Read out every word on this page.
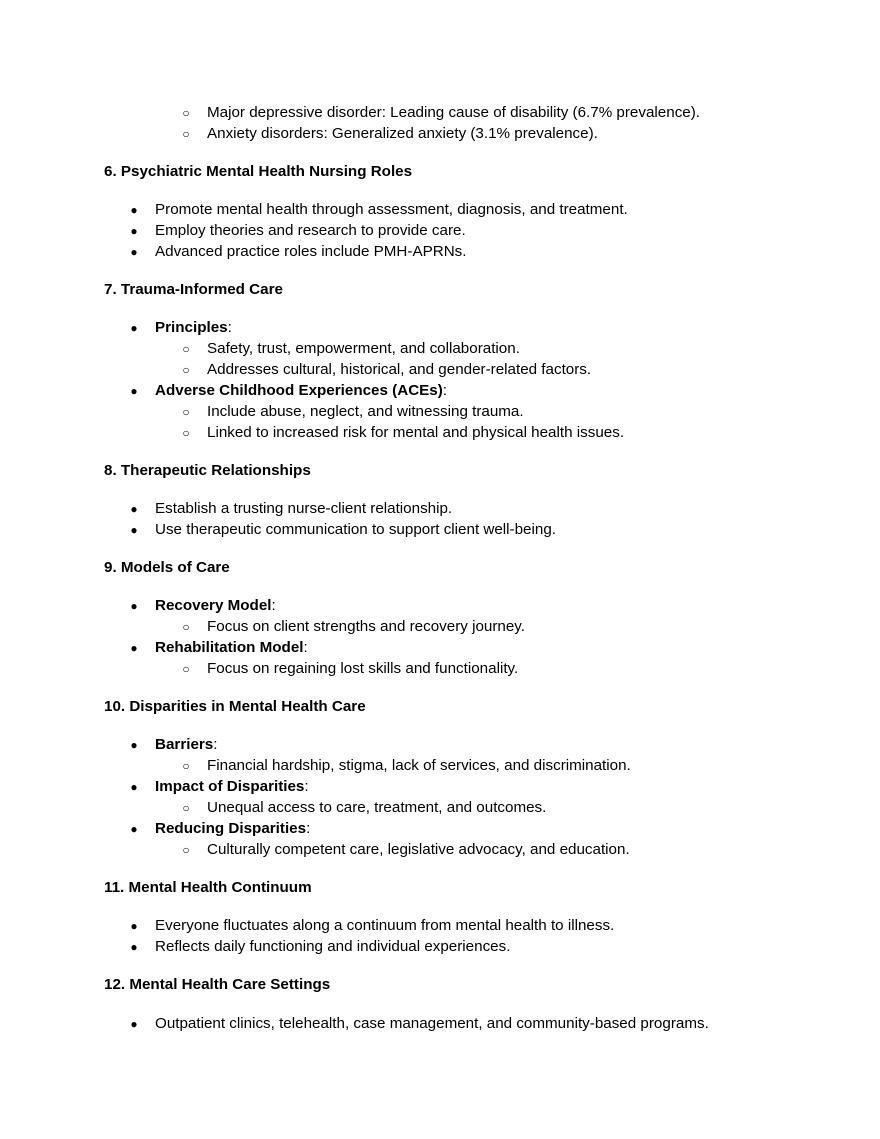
○ Major depressive disorder: Leading cause of disability (6.7% prevalence).
○ Anxiety disorders: Generalized anxiety (3.1% prevalence).
6. Psychiatric Mental Health Nursing Roles
● Promote mental health through assessment, diagnosis, and treatment.
● Employ theories and research to provide care.
● Advanced practice roles include PMH-APRNs.
7. Trauma-Informed Care
● Principles:
○ Safety, trust, empowerment, and collaboration.
○ Addresses cultural, historical, and gender-related factors.
● Adverse Childhood Experiences (ACEs):
○ Include abuse, neglect, and witnessing trauma.
○ Linked to increased risk for mental and physical health issues.
8. Therapeutic Relationships
● Establish a trusting nurse-client relationship.
● Use therapeutic communication to support client well-being.
9. Models of Care
● Recovery Model:
○ Focus on client strengths and recovery journey.
● Rehabilitation Model:
○ Focus on regaining lost skills and functionality.
10. Disparities in Mental Health Care
● Barriers:
○ Financial hardship, stigma, lack of services, and discrimination.
● Impact of Disparities:
○ Unequal access to care, treatment, and outcomes.
● Reducing Disparities:
○ Culturally competent care, legislative advocacy, and education.
11. Mental Health Continuum
● Everyone fluctuates along a continuum from mental health to illness.
● Reflects daily functioning and individual experiences.
12. Mental Health Care Settings
● Outpatient clinics, telehealth, case management, and community-based programs.
